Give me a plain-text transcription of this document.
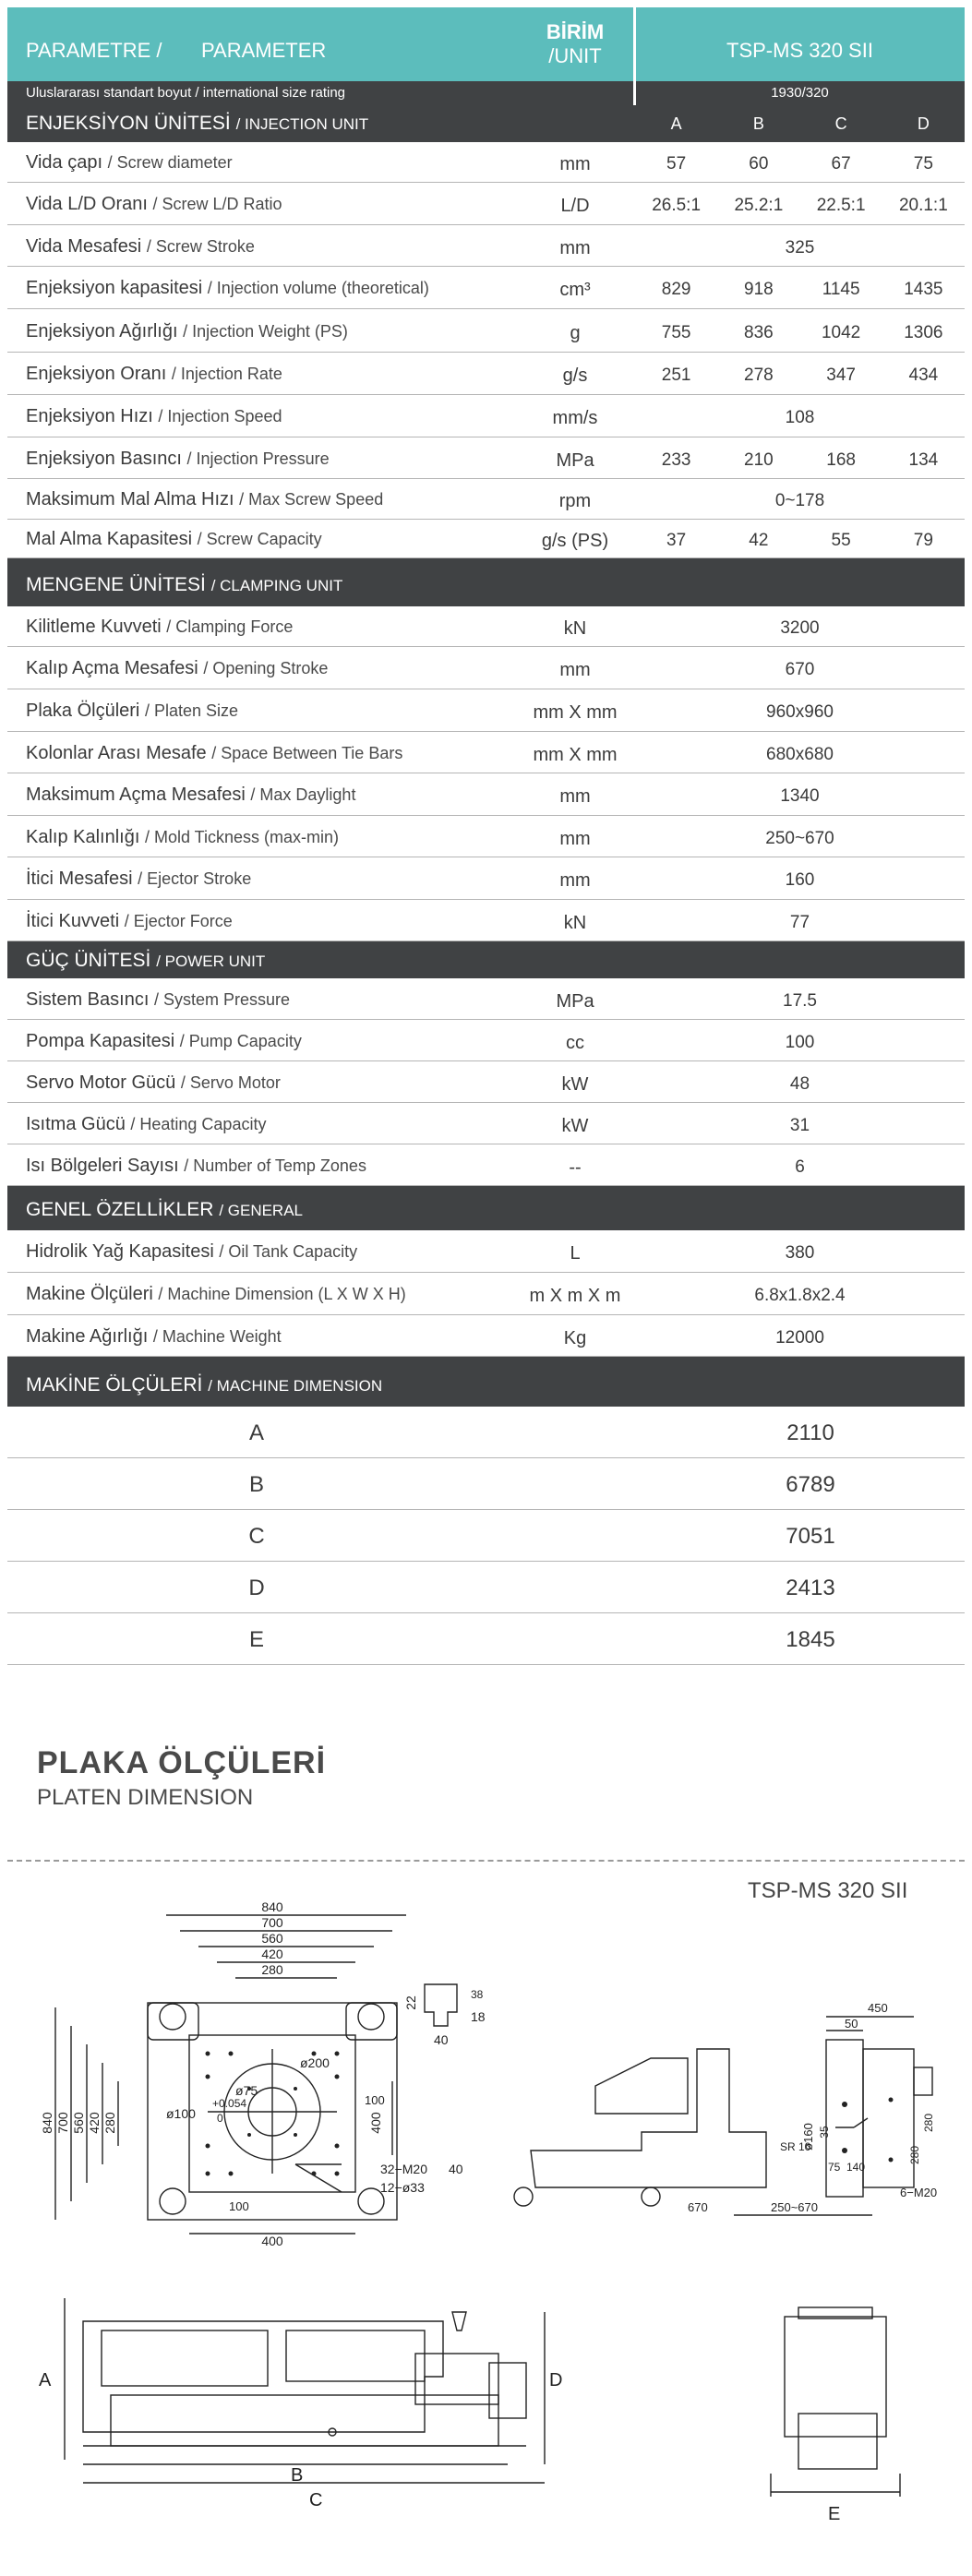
PARAMETRE / PARAMETER
BİRİM
/UNIT	TSP-MS 320 SII
Uluslararası standart boyut / international size rating	1930/320
ENJEKSİYON ÜNİTESİ / INJECTION UNIT	A	B	C	D
Vida çapı / Screw diameter	mm	57	60	67	75
Vida L/D Oranı / Screw L/D Ratio	L/D	26.5:1	25.2:1	22.5:1	20.1:1
Vida Mesafesi / Screw Stroke	mm	325
Enjeksiyon kapasitesi / Injection volume (theoretical)	cm³	829	918	1145	1435
Enjeksiyon Ağırlığı / Injection Weight (PS)	g	755	836	1042	1306
Enjeksiyon Oranı / Injection Rate	g/s	251	278	347	434
Enjeksiyon Hızı / Injection Speed	mm/s	108
Enjeksiyon Basıncı / Injection Pressure	MPa	233	210	168	134
Maksimum Mal Alma Hızı / Max Screw Speed	rpm	0~178
Mal Alma Kapasitesi / Screw Capacity	g/s (PS)	37	42	55	79
MENGENE ÜNİTESİ / CLAMPING UNIT
Kilitleme Kuvveti / Clamping Force	kN	3200
Kalıp Açma Mesafesi / Opening Stroke	mm	670
Plaka Ölçüleri / Platen Size	mm X mm	960x960
Kolonlar Arası Mesafe / Space Between Tie Bars	mm X mm	680x680
Maksimum Açma Mesafesi / Max Daylight	mm	1340
Kalıp Kalınlığı / Mold Tickness (max-min)	mm	250~670
İtici Mesafesi / Ejector Stroke	mm	160
İtici Kuvveti / Ejector Force	kN	77
GÜÇ ÜNİTESİ / POWER UNIT
Sistem Basıncı / System Pressure	MPa	17.5
Pompa Kapasitesi / Pump Capacity	cc	100
Servo Motor Gücü / Servo Motor	kW	48
Isıtma Gücü / Heating Capacity	kW	31
Isı Bölgeleri Sayısı / Number of Temp Zones	--	6
GENEL ÖZELLİKLER / GENERAL
Hidrolik Yağ Kapasitesi / Oil Tank Capacity	L	380
Makine Ölçüleri / Machine Dimension (L X W X H)	m X m X m	6.8x1.8x2.4
Makine Ağırlığı / Machine Weight	Kg	12000
MAKİNE ÖLÇÜLERİ / MACHINE DIMENSION
A	2110
B	6789
C	7051
D	2413
E	1845
PLAKA ÖLÇÜLERİ
PLATEN DIMENSION
TSP-MS 320 SII
840
700
560
420
280
840 700 560 420 280
ø200
ø75
ø100
+0.054
0
100
100
400
400
32−M20 40
12−ø33
22
38
18
40
450
50
ø160 35
SR 10
280
280
75 140
6−M20
670	250~670
A
B
C
D
E
